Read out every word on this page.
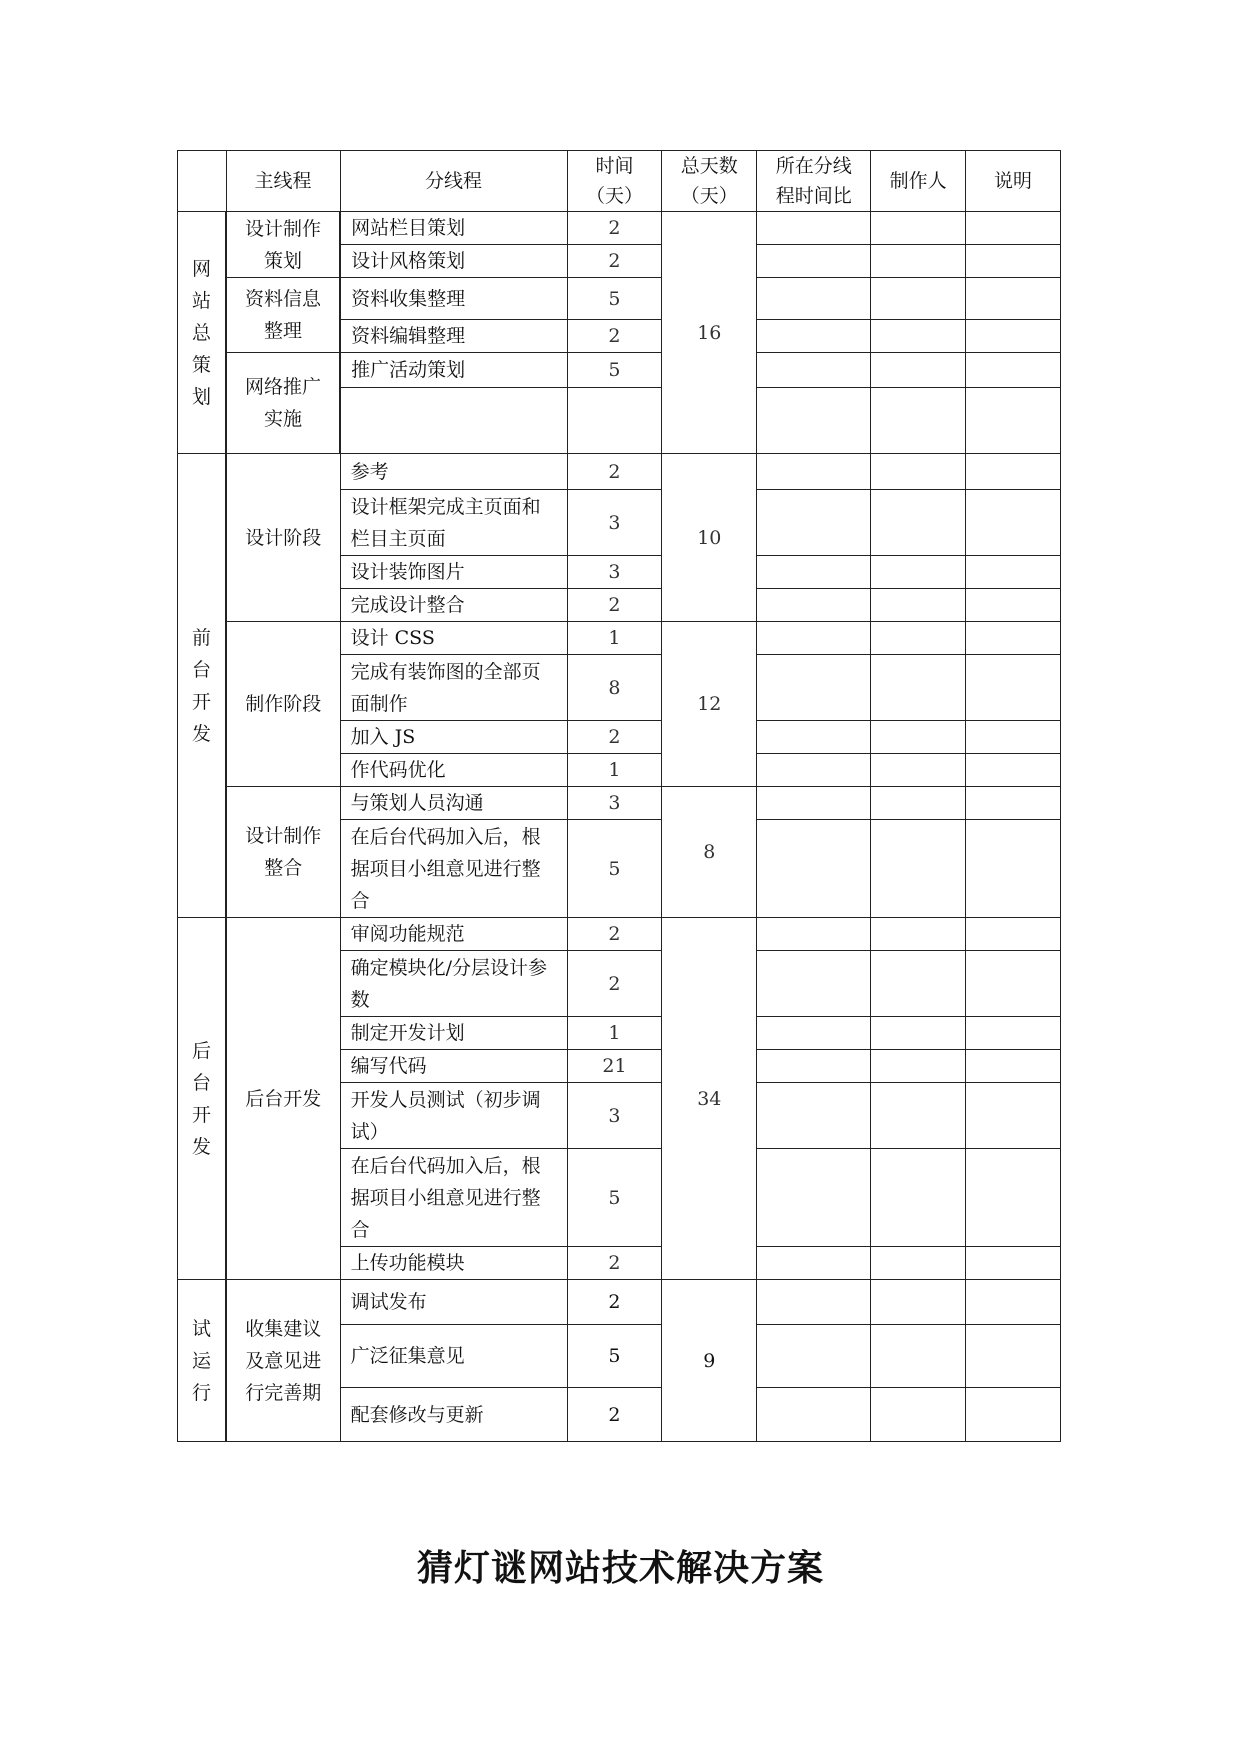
	主线程	分线程	时间（天）	总天数（天）	所在分线程时间比	制作人	说明
网站总策划	设计制作策划	网站栏目策划	2	16			
		设计风格策划	2				
	资料信息整理	资料收集整理	5				
		资料编辑整理	2				
	网络推广实施	推广活动策划	5				

前台开发	设计阶段	参考	2	10			
		设计框架完成主页面和栏目主页面	3				
		设计装饰图片	3				
		完成设计整合	2				
	制作阶段	设计 CSS	1	12			
		完成有装饰图的全部页面制作	8				
		加入 JS	2				
		作代码优化	1				
	设计制作整合	与策划人员沟通	3	8			
		在后台代码加入后，根据项目小组意见进行整合	5				
后台开发	后台开发	审阅功能规范	2	34			
		确定模块化/分层设计参数	2				
		制定开发计划	1				
		编写代码	21				
		开发人员测试（初步调试）	3				
		在后台代码加入后，根据项目小组意见进行整合	5				
		上传功能模块	2				
试运行	收集建议及意见进行完善期	调试发布	2	9			
		广泛征集意见	5				
		配套修改与更新	2				
猜灯谜网站技术解决方案
